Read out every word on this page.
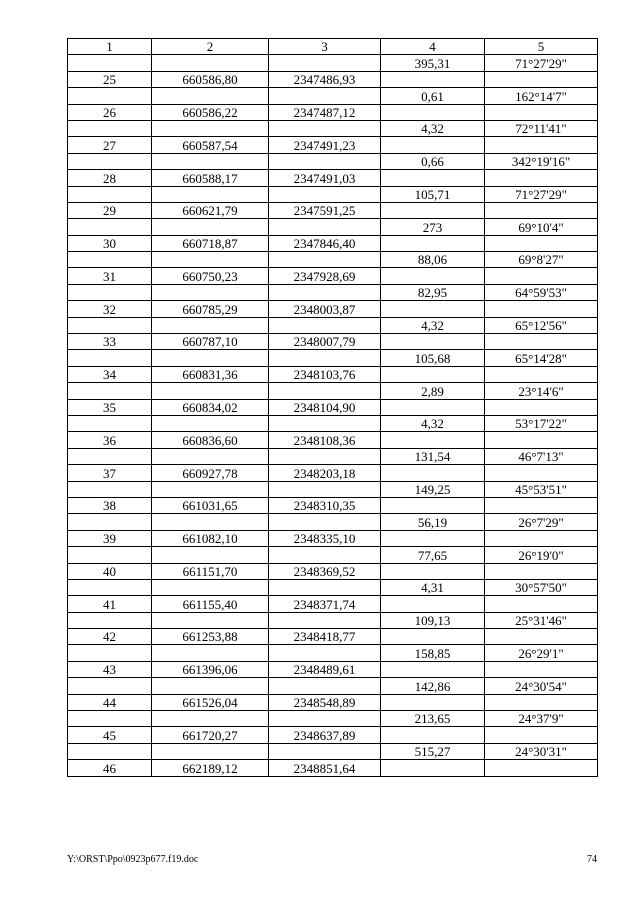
1	2	3	4	5
			395,31	71°27'29"
25	660586,80	2347486,93		
			0,61	162°14'7"
26	660586,22	2347487,12		
			4,32	72°11'41"
27	660587,54	2347491,23		
			0,66	342°19'16"
28	660588,17	2347491,03		
			105,71	71°27'29"
29	660621,79	2347591,25		
			273	69°10'4"
30	660718,87	2347846,40		
			88,06	69°8'27"
31	660750,23	2347928,69		
			82,95	64°59'53"
32	660785,29	2348003,87		
			4,32	65°12'56"
33	660787,10	2348007,79		
			105,68	65°14'28"
34	660831,36	2348103,76		
			2,89	23°14'6"
35	660834,02	2348104,90		
			4,32	53°17'22"
36	660836,60	2348108,36		
			131,54	46°7'13"
37	660927,78	2348203,18		
			149,25	45°53'51"
38	661031,65	2348310,35		
			56,19	26°7'29"
39	661082,10	2348335,10		
			77,65	26°19'0"
40	661151,70	2348369,52		
			4,31	30°57'50"
41	661155,40	2348371,74		
			109,13	25°31'46"
42	661253,88	2348418,77		
			158,85	26°29'1"
43	661396,06	2348489,61		
			142,86	24°30'54"
44	661526,04	2348548,89		
			213,65	24°37'9"
45	661720,27	2348637,89		
			515,27	24°30'31"
46	662189,12	2348851,64		
Y:\ORST\Ppo\0923p677.f19.doc	74
